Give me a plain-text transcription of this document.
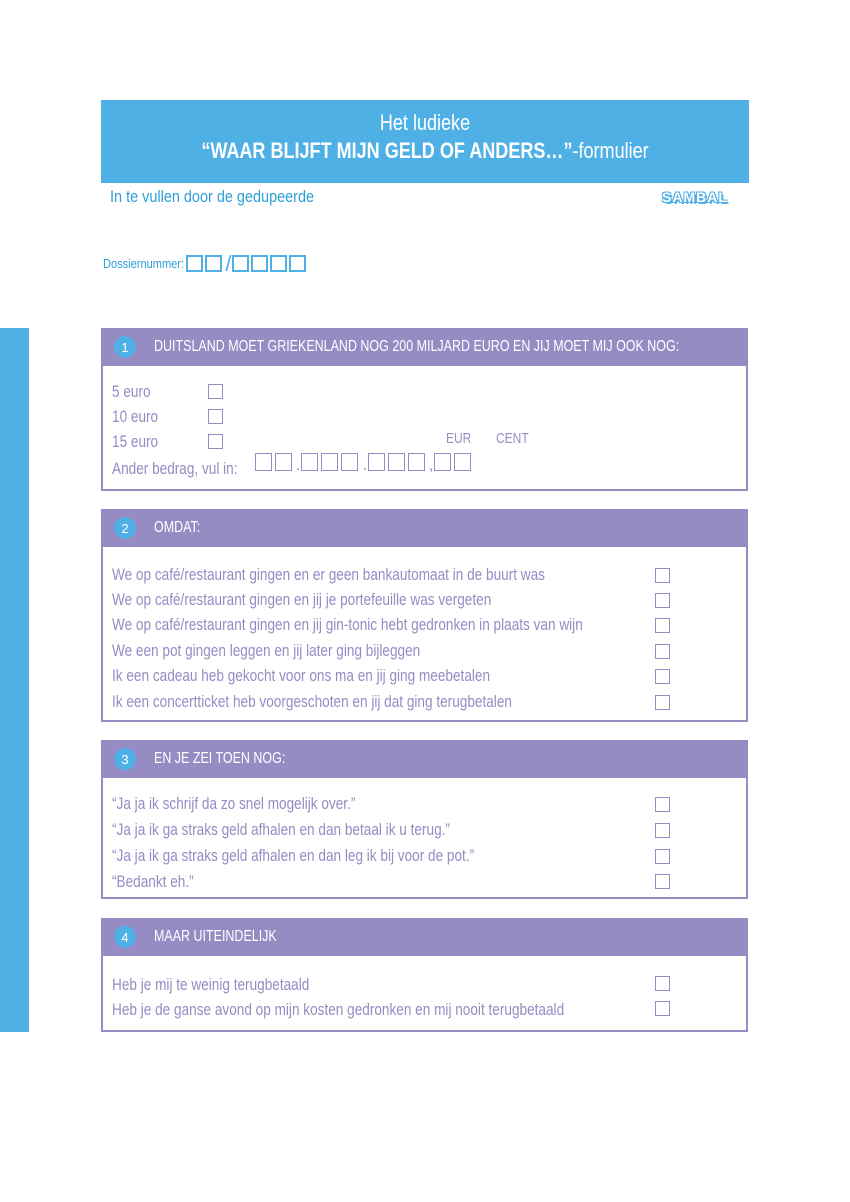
Het ludieke
“WAAR BLIJFT MIJN GELD OF ANDERS…”-formulier
In te vullen door de gedupeerde	SAMBAL
Dossiernummer: /
1	DUITSLAND MOET GRIEKENLAND NOG 200 MILJARD EURO EN JIJ MOET MIJ OOK NOG:
5 euro
10 euro
15 euro
Ander bedrag, vul in:
EUR CENT
.	.	,
2	OMDAT:
We op café/restaurant gingen en er geen bankautomaat in de buurt was
We op café/restaurant gingen en jij je portefeuille was vergeten
We op café/restaurant gingen en jij gin-tonic hebt gedronken in plaats van wijn
We een pot gingen leggen en jij later ging bijleggen
Ik een cadeau heb gekocht voor ons ma en jij ging meebetalen
Ik een concertticket heb voorgeschoten en jij dat ging terugbetalen
3	EN JE ZEI TOEN NOG:
“Ja ja ik schrijf da zo snel mogelijk over.”
“Ja ja ik ga straks geld afhalen en dan betaal ik u terug.”
“Ja ja ik ga straks geld afhalen en dan leg ik bij voor de pot.”
“Bedankt eh.”
4	MAAR UITEINDELIJK
Heb je mij te weinig terugbetaald
Heb je de ganse avond op mijn kosten gedronken en mij nooit terugbetaald
